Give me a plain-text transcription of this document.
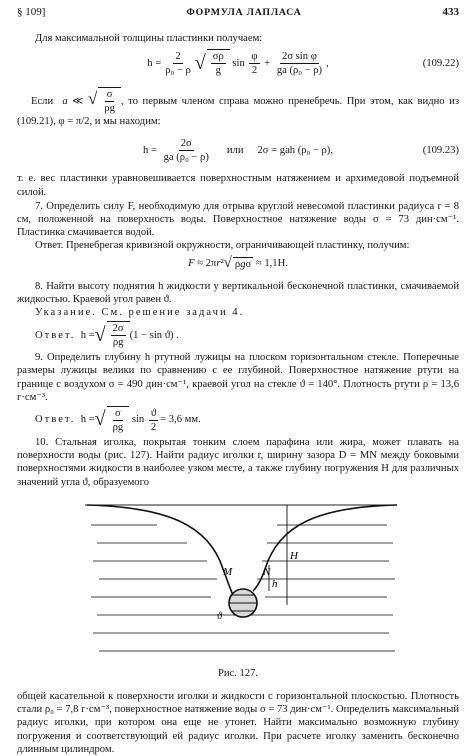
§ 109]	ФОРМУЛА ЛАПЛАСА	433

Для максимальной толщины пластинки получаем:

$h = \frac{2}{\text{ρ₀ − ρ}}$ √ $\frac{\sigma\rho}{g}$ $\sin \frac{\varphi}{2} + \frac{\text{2σ sin φ}}{\text{ga (ρ₀ − ρ)}}$ ,	(109.22)

Если  a ≪ √ $\frac{\sigma}{\rho g}$ , то первым членом справа можно пренебречь. При этом, как видно из (109.21), φ = π/2, и мы находим:

$h = \frac{2\sigma}{\text{ga (ρ₀ − ρ)}}$ или 2σ = gah (ρ₀ − ρ),	(109.23)

т. е. вес пластинки уравновешивается поверхностным натяжением и архимедовой подъемной силой.

7. Определить силу F, необходимую для отрыва круглой невесомой пластинки радиуса r = 8 см, положенной на поверхность воды. Поверхностное натяжение воды σ = 73 дин·см⁻¹. Пластинка смачивается водой.

Ответ. Пренебрегая кривизной окружности, ограничивающей пластинку, получим:

F ≈ 2πr² √ ρgσ
≈ 1,1Н.

8. Найти высоту поднятия h жидкости у вертикальной бесконечной пластинки, смачиваемой жидкостью. Краевой угол равен ϑ.

Указание. См. решение задачи 4.

Ответ. h = √ $\frac{2\sigma}{\rho g} (1 - \sin ϑ)$ .

9. Определить глубину h ртутной лужицы на плоском горизонтальном стекле. Поперечные размеры лужицы велики по сравнению с ее глубиной. Поверхностное натяжение ртути на границе с воздухом σ = 490 дин·см⁻¹, краевой угол на стекле ϑ = 140°. Плотность ртути ρ = 13,6 г·см⁻³.

Ответ. h = √ $\frac{\sigma}{\rho g}$ $\sin \frac{ϑ}{2} = 3,6$ мм.

10. Стальная иголка, покрытая тонким слоем парафина или жира, может плавать на поверхности воды (рис. 127). Найти радиус иголки r, ширину зазора D = MN между боковыми поверхностями жидкости в наиболее узком месте, а также глубину погружения H для различных значений угла ϑ, образуемого

M	N
H
h
ϑ
Рис. 127.

общей касательной к поверхности иголки и жидкости с горизонтальной плоскостью. Плотность стали ρ₀ = 7,8 г·см⁻³, поверхностное натяжение воды σ = 73 дин·см⁻¹. Определить максимальный радиус иголки, при котором она еще не утонет. Найти максимально возможную глубину погружения и соответствующий ей радиус иголки. При расчете иголку заменить бесконечно длинным цилиндром.
